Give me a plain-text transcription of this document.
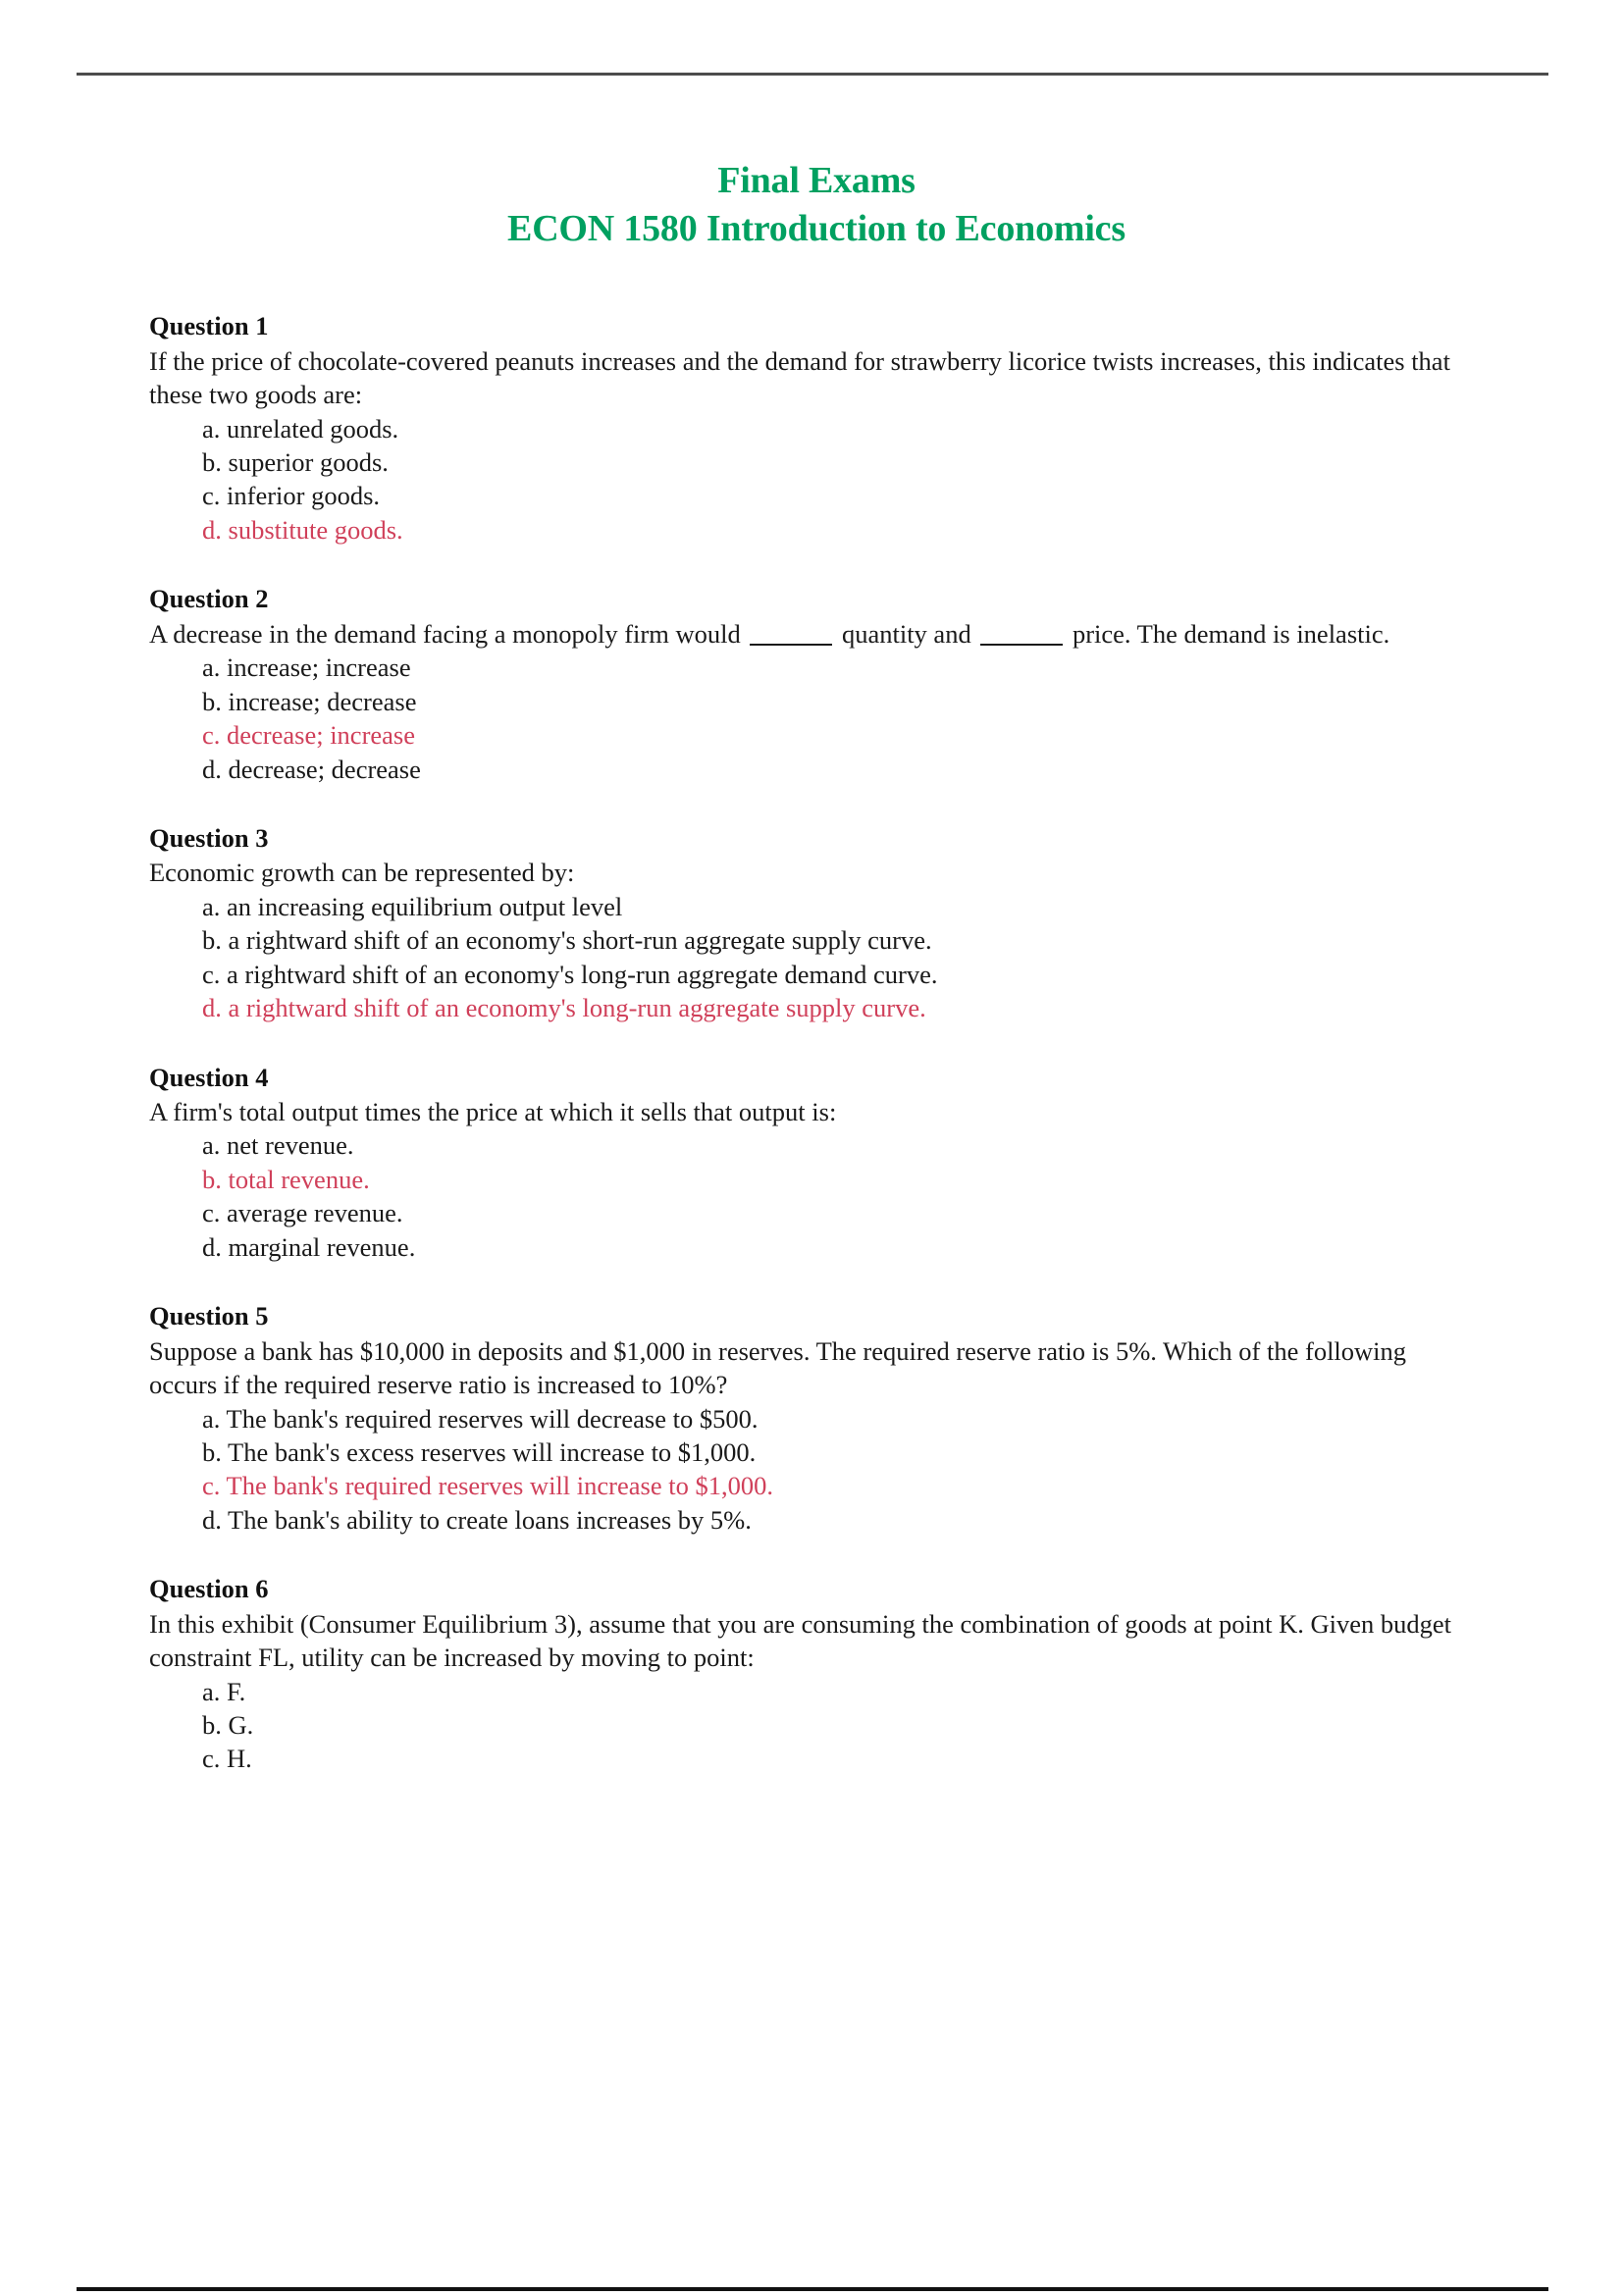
Final Exams
ECON 1580 Introduction to Economics
Question 1
If the price of chocolate-covered peanuts increases and the demand for strawberry licorice twists increases, this indicates that these two goods are:
a. unrelated goods.
b. superior goods.
c. inferior goods.
d. substitute goods.
Question 2
A decrease in the demand facing a monopoly firm would	quantity and	price. The demand is inelastic.
a. increase; increase
b. increase; decrease
c. decrease; increase
d. decrease; decrease
Question 3
Economic growth can be represented by:
a. an increasing equilibrium output level
b. a rightward shift of an economy's short-run aggregate supply curve.
c. a rightward shift of an economy's long-run aggregate demand curve.
d. a rightward shift of an economy's long-run aggregate supply curve.
Question 4
A firm's total output times the price at which it sells that output is:
a. net revenue.
b. total revenue.
c. average revenue.
d. marginal revenue.
Question 5
Suppose a bank has $10,000 in deposits and $1,000 in reserves. The required reserve ratio is 5%. Which of the following occurs if the required reserve ratio is increased to 10%?
a. The bank's required reserves will decrease to $500.
b. The bank's excess reserves will increase to $1,000.
c. The bank's required reserves will increase to $1,000.
d. The bank's ability to create loans increases by 5%.
Question 6
In this exhibit (Consumer Equilibrium 3), assume that you are consuming the combination of goods at point K. Given budget constraint FL, utility can be increased by moving to point:
a. F.
b. G.
c. H.
